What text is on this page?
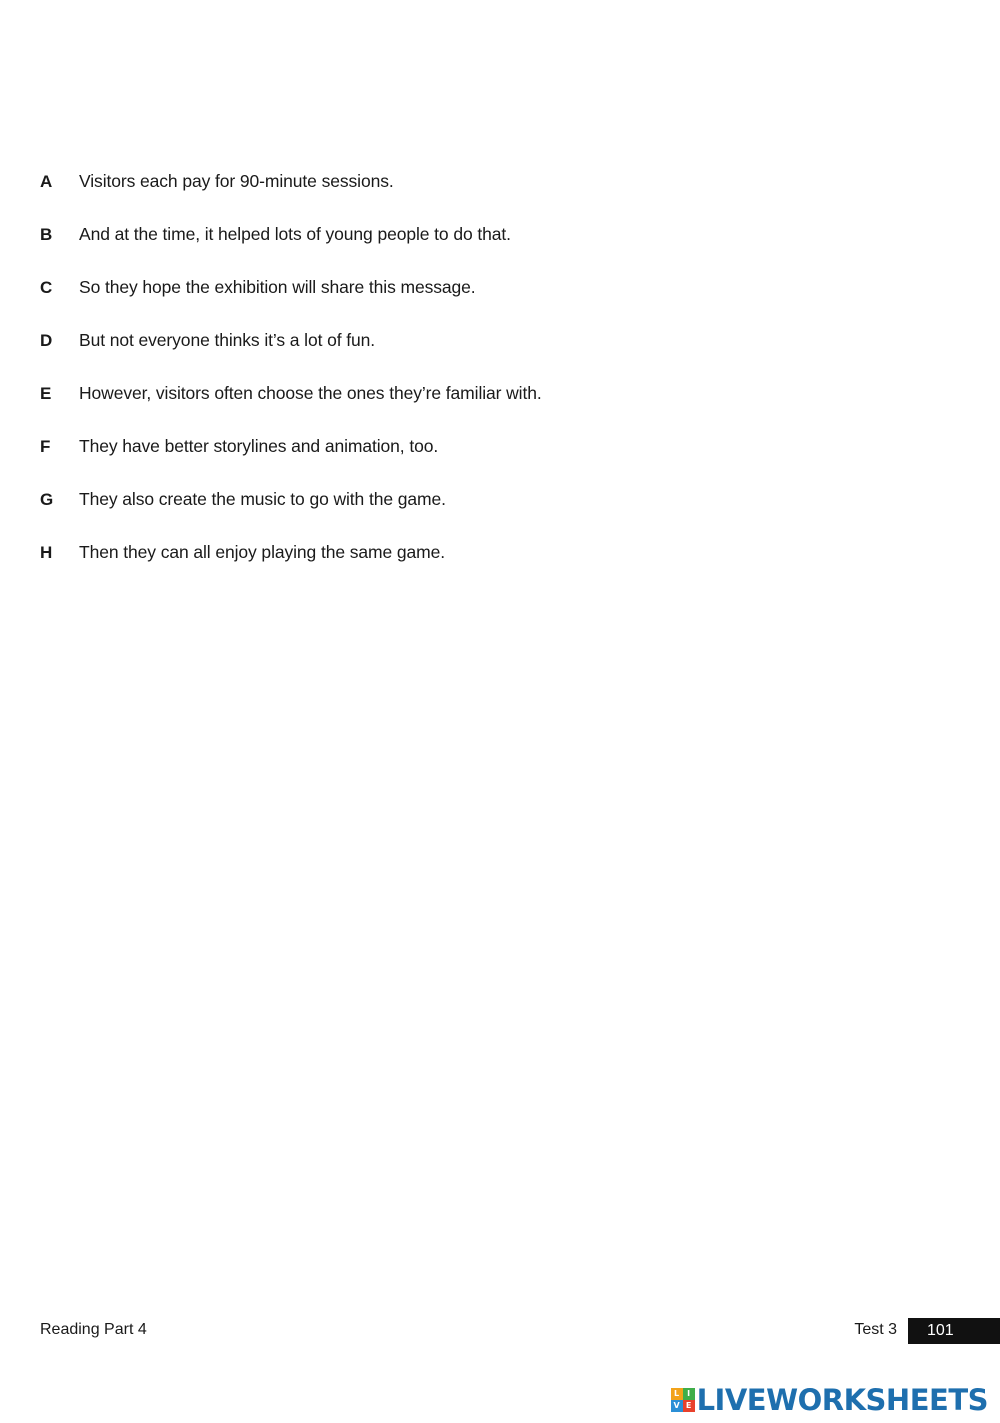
A	Visitors each pay for 90-minute sessions.
B	And at the time, it helped lots of young people to do that.
C	So they hope the exhibition will share this message.
D	But not everyone thinks it’s a lot of fun.
E	However, visitors often choose the ones they’re familiar with.
F	They have better storylines and animation, too.
G	They also create the music to go with the game.
H	Then they can all enjoy playing the same game.
Reading Part 4	Test 3 101
L I
V E LIVEWORKSHEETS
